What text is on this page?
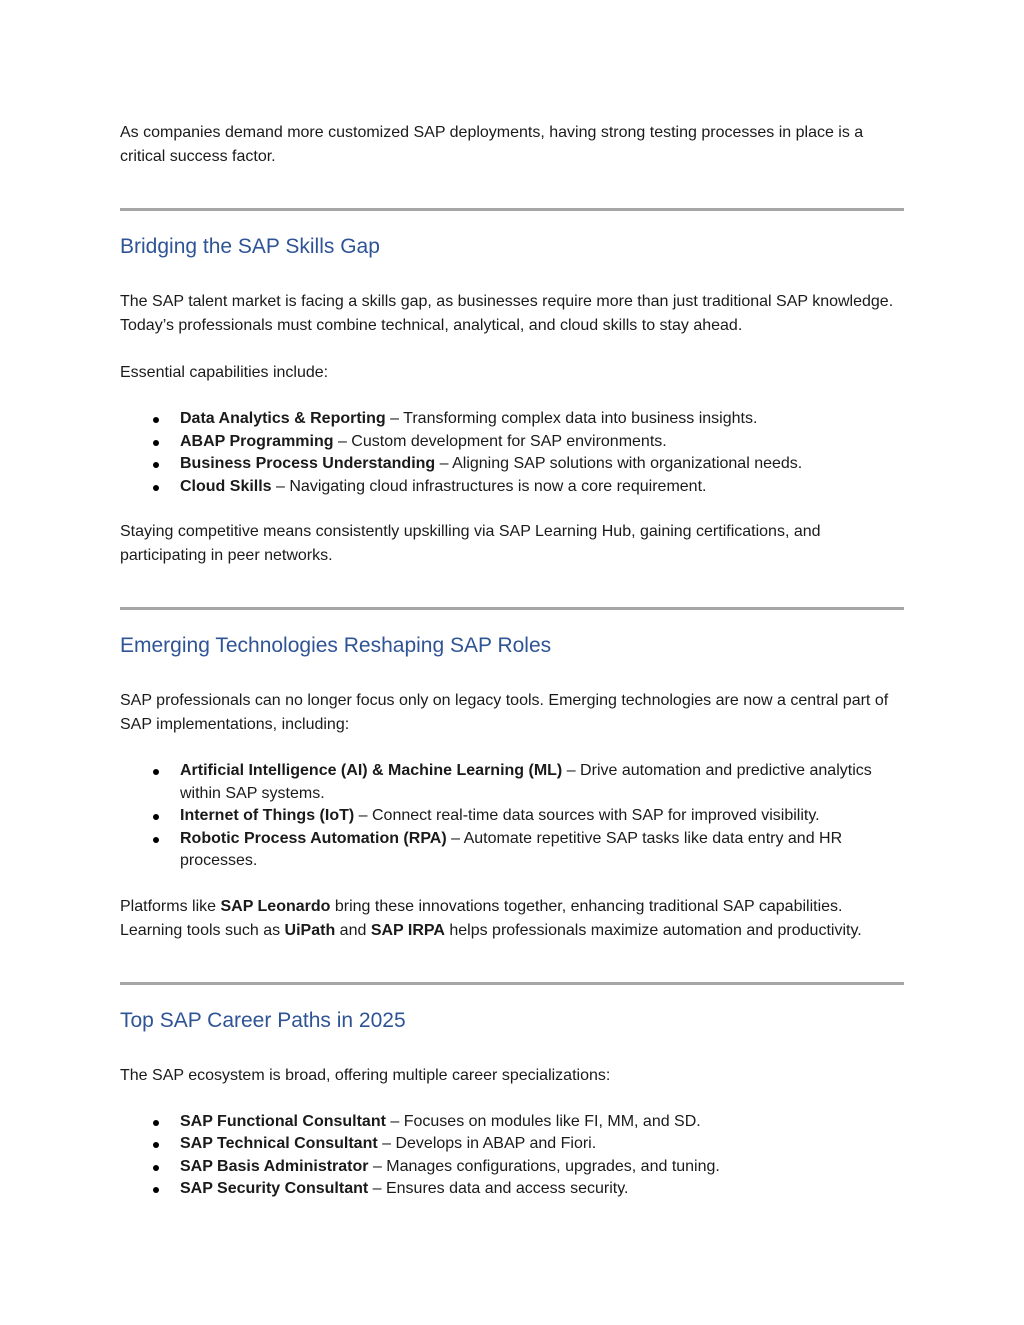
As companies demand more customized SAP deployments, having strong testing processes in place is a critical success factor.

Bridging the SAP Skills Gap

The SAP talent market is facing a skills gap, as businesses require more than just traditional SAP knowledge. Today’s professionals must combine technical, analytical, and cloud skills to stay ahead.

Essential capabilities include:

Data Analytics & Reporting – Transforming complex data into business insights.
ABAP Programming – Custom development for SAP environments.
Business Process Understanding – Aligning SAP solutions with organizational needs.
Cloud Skills – Navigating cloud infrastructures is now a core requirement.

Staying competitive means consistently upskilling via SAP Learning Hub, gaining certifications, and participating in peer networks.

Emerging Technologies Reshaping SAP Roles

SAP professionals can no longer focus only on legacy tools. Emerging technologies are now a central part of SAP implementations, including:

Artificial Intelligence (AI) & Machine Learning (ML) – Drive automation and predictive analytics within SAP systems.
Internet of Things (IoT) – Connect real-time data sources with SAP for improved visibility.
Robotic Process Automation (RPA) – Automate repetitive SAP tasks like data entry and HR processes.

Platforms like SAP Leonardo bring these innovations together, enhancing traditional SAP capabilities. Learning tools such as UiPath and SAP IRPA helps professionals maximize automation and productivity.

Top SAP Career Paths in 2025

The SAP ecosystem is broad, offering multiple career specializations:

SAP Functional Consultant – Focuses on modules like FI, MM, and SD.
SAP Technical Consultant – Develops in ABAP and Fiori.
SAP Basis Administrator – Manages configurations, upgrades, and tuning.
SAP Security Consultant – Ensures data and access security.
